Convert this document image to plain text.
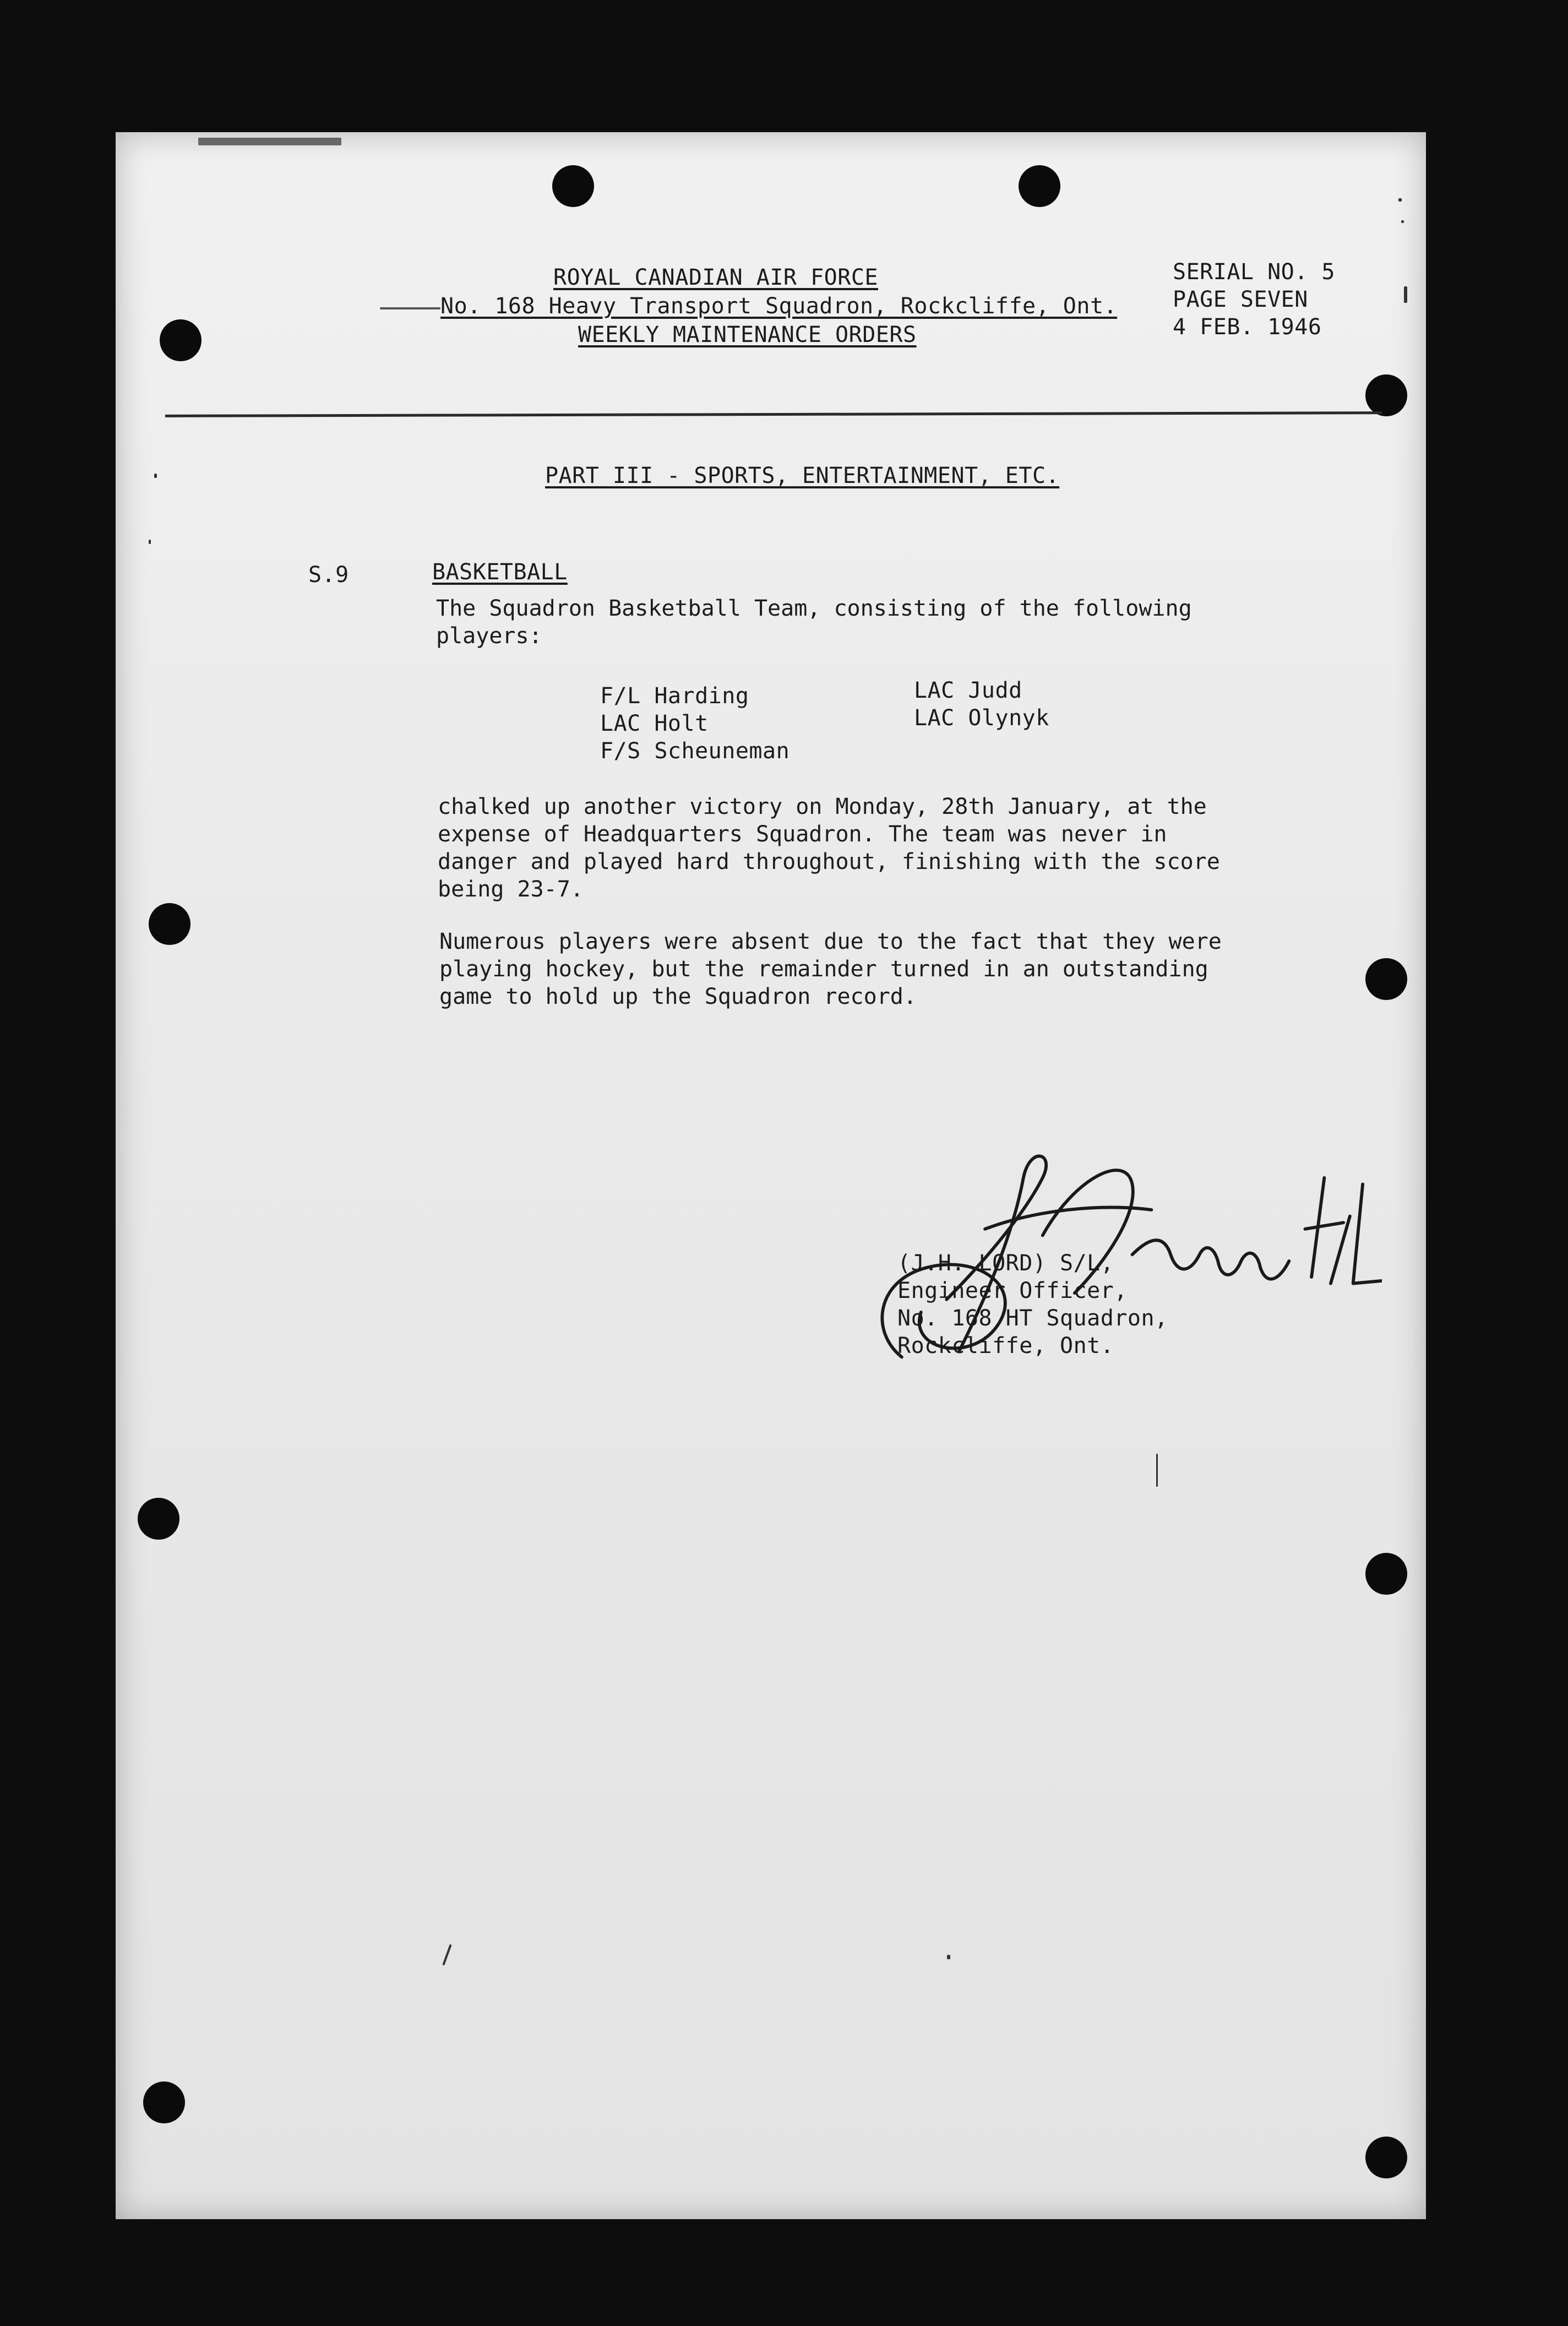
ROYAL CANADIAN AIR FORCE
No. 168 Heavy Transport Squadron, Rockcliffe, Ont.
WEEKLY MAINTENANCE ORDERS
SERIAL NO. 5
PAGE SEVEN
4 FEB. 1946
PART III - SPORTS, ENTERTAINMENT, ETC.
S.9	BASKETBALL
The Squadron Basketball Team, consisting of the following
players:
F/L Harding
LAC Holt
F/S Scheuneman
LAC Judd
LAC Olynyk
chalked up another victory on Monday, 28th January, at the
expense of Headquarters Squadron. The team was never in
danger and played hard throughout, finishing with the score
being 23-7.
Numerous players were absent due to the fact that they were
playing hockey, but the remainder turned in an outstanding
game to hold up the Squadron record.
(J.H. LORD) S/L,
Engineer Officer,
No. 168 HT Squadron,
Rockcliffe, Ont.
